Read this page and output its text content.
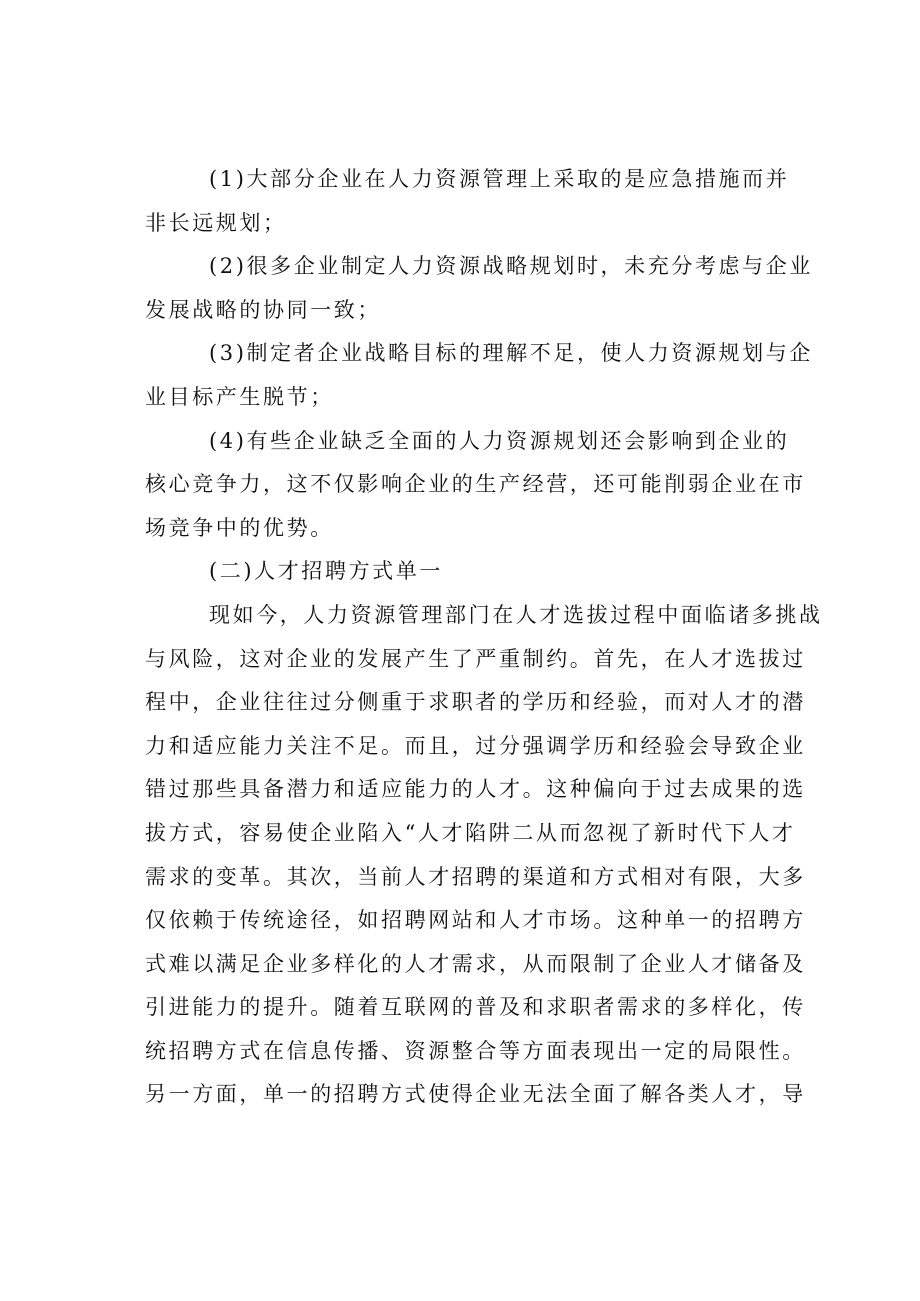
(1)大部分企业在人力资源管理上采取的是应急措施而并
非长远规划；
(2)很多企业制定人力资源战略规划时，未充分考虑与企业
发展战略的协同一致；
(3)制定者企业战略目标的理解不足，使人力资源规划与企
业目标产生脱节；
(4)有些企业缺乏全面的人力资源规划还会影响到企业的
核心竞争力，这不仅影响企业的生产经营，还可能削弱企业在市
场竞争中的优势。
(二)人才招聘方式单一
现如今，人力资源管理部门在人才选拔过程中面临诸多挑战
与风险，这对企业的发展产生了严重制约。首先，在人才选拔过
程中，企业往往过分侧重于求职者的学历和经验，而对人才的潜
力和适应能力关注不足。而且，过分强调学历和经验会导致企业
错过那些具备潜力和适应能力的人才。这种偏向于过去成果的选
拔方式，容易使企业陷入“人才陷阱二从而忽视了新时代下人才
需求的变革。其次，当前人才招聘的渠道和方式相对有限，大多
仅依赖于传统途径，如招聘网站和人才市场。这种单一的招聘方
式难以满足企业多样化的人才需求，从而限制了企业人才储备及
引进能力的提升。随着互联网的普及和求职者需求的多样化，传
统招聘方式在信息传播、资源整合等方面表现出一定的局限性。
另一方面，单一的招聘方式使得企业无法全面了解各类人才，导
